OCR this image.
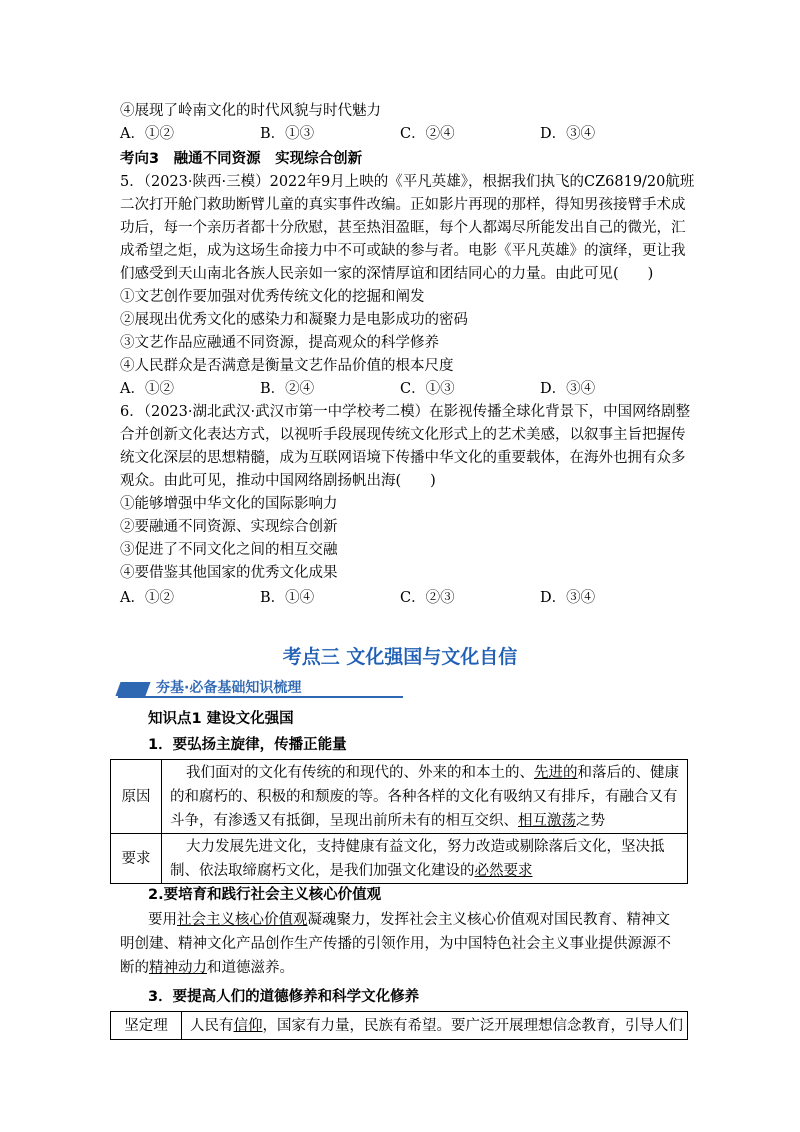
④展现了岭南文化的时代风貌与时代魅力
A．①②	B．①③	C．②④	D．③④
考向3　融通不同资源　实现综合创新
5．（2023·陕西·三模）2022年9月上映的《平凡英雄》，根据我们执飞的CZ6819/20航班
二次打开舱门救助断臂儿童的真实事件改编。正如影片再现的那样，得知男孩接臂手术成
功后，每一个亲历者都十分欣慰，甚至热泪盈眶，每个人都竭尽所能发出自己的微光，汇
成希望之炬，成为这场生命接力中不可或缺的参与者。电影《平凡英雄》的演绎，更让我
们感受到天山南北各族人民亲如一家的深情厚谊和团结同心的力量。由此可见(　　)
①文艺创作要加强对优秀传统文化的挖掘和阐发
②展现出优秀文化的感染力和凝聚力是电影成功的密码
③文艺作品应融通不同资源，提高观众的科学修养
④人民群众是否满意是衡量文艺作品价值的根本尺度
A．①②	B．②④	C．①③	D．③④
6．（2023·湖北武汉·武汉市第一中学校考二模）在影视传播全球化背景下，中国网络剧整
合并创新文化表达方式，以视听手段展现传统文化形式上的艺术美感，以叙事主旨把握传
统文化深层的思想精髓，成为互联网语境下传播中华文化的重要载体，在海外也拥有众多
观众。由此可见，推动中国网络剧扬帆出海(　　)
①能够增强中华文化的国际影响力
②要融通不同资源、实现综合创新
③促进了不同文化之间的相互交融
④要借鉴其他国家的优秀文化成果
A．①②	B．①④	C．②③	D．③④
考点三 文化强国与文化自信
夯基·必备基础知识梳理
知识点1 建设文化强国
1．要弘扬主旋律，传播正能量
原因	我们面对的文化有传统的和现代的、外来的和本土的、先进的和落后的、健康的和腐朽的、积极的和颓废的等。各种各样的文化有吸纳又有排斥，有融合又有斗争，有渗透又有抵御，呈现出前所未有的相互交织、相互激荡之势

要求	大力发展先进文化，支持健康有益文化，努力改造或剔除落后文化，坚决抵制、依法取缔腐朽文化，是我们加强文化建设的必然要求
2.要培育和践行社会主义核心价值观
要用社会主义核心价值观凝魂聚力，发挥社会主义核心价值观对国民教育、精神文明创建、精神文化产品创作生产传播的引领作用，为中国特色社会主义事业提供源源不断的精神动力和道德滋养。
3．要提高人们的道德修养和科学文化修养
坚定理	人民有信仰，国家有力量，民族有希望。要广泛开展理想信念教育，引导人们
